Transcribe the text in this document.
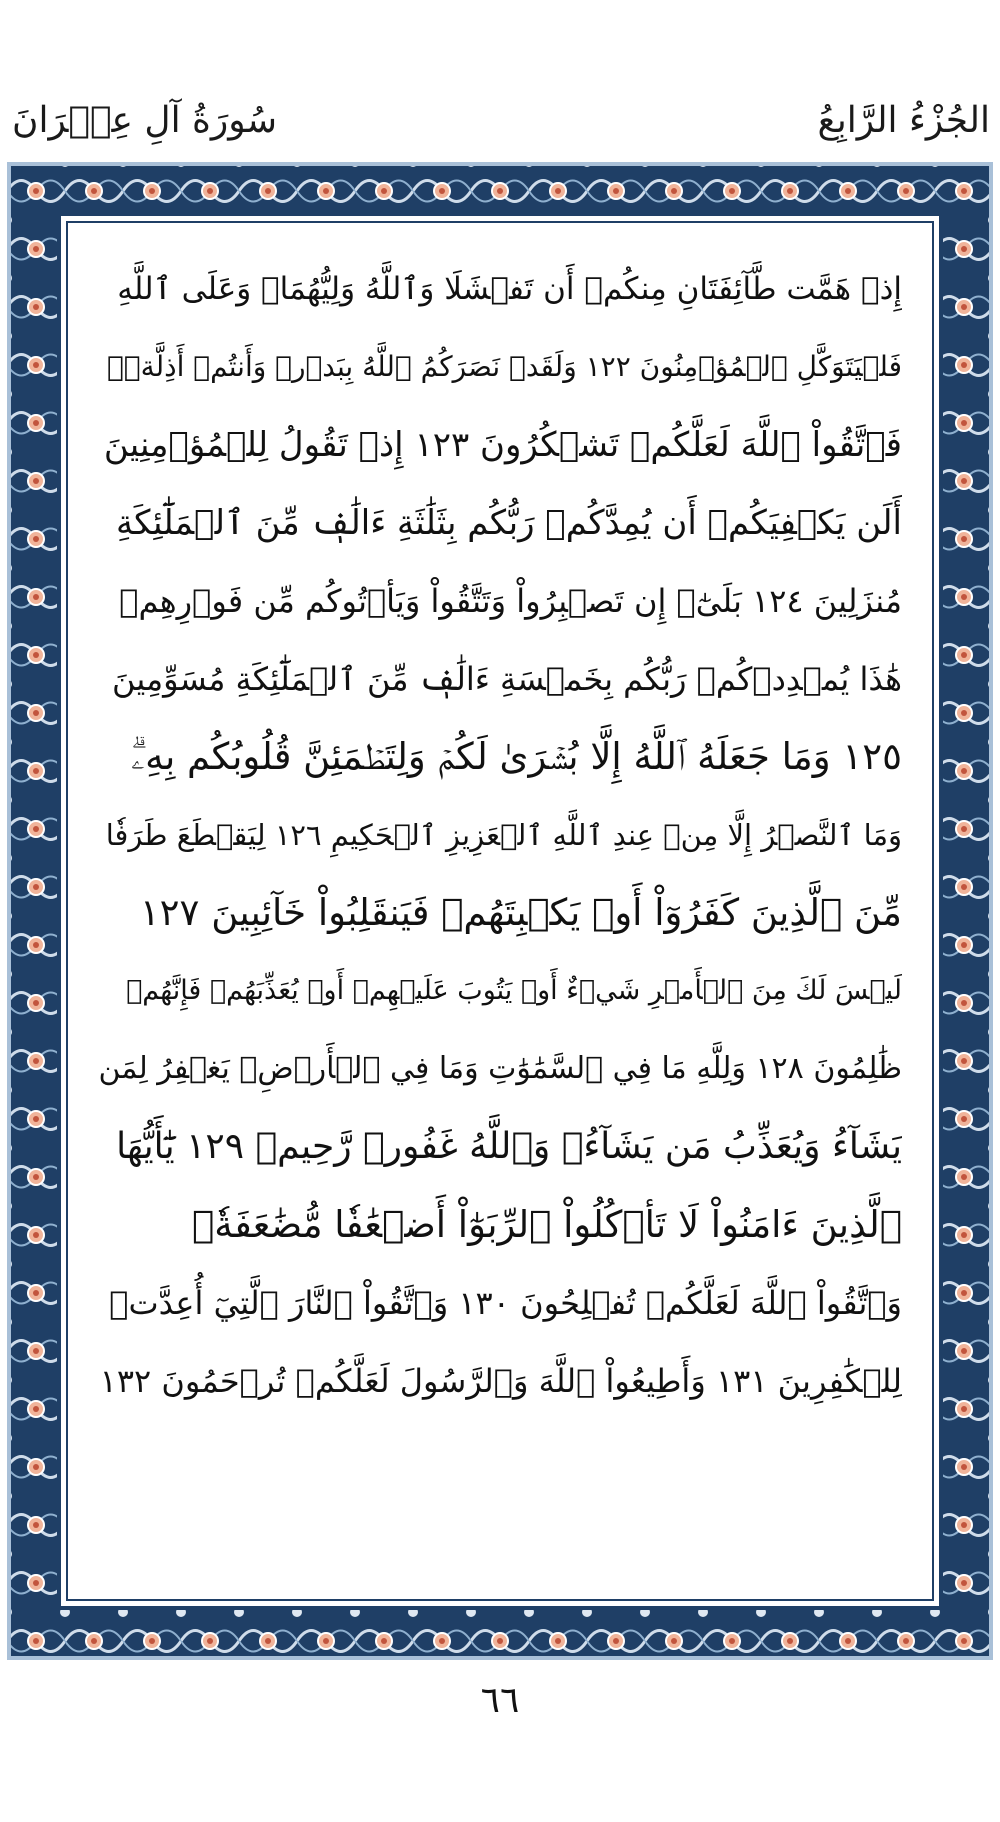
الجُزْءُ الرَّابِعُ
سُورَةُ آلِ عِمۡرَانَ
إِذۡ هَمَّت طَّآئِفَتَانِ مِنكُمۡ أَن تَفۡشَلَا وَٱللَّهُ وَلِيُّهُمَاۗ وَعَلَى ٱللَّهِ
فَلۡيَتَوَكَّلِ ٱلۡمُؤۡمِنُونَ ١٢٢ وَلَقَدۡ نَصَرَكُمُ ٱللَّهُ بِبَدۡرٖ وَأَنتُمۡ أَذِلَّةٞۖ
فَٱتَّقُواْ ٱللَّهَ لَعَلَّكُمۡ تَشۡكُرُونَ ١٢٣ إِذۡ تَقُولُ لِلۡمُؤۡمِنِينَ
أَلَن يَكۡفِيَكُمۡ أَن يُمِدَّكُمۡ رَبُّكُم بِثَلَٰثَةِ ءَالَٰفٖ مِّنَ ٱلۡمَلَٰٓئِكَةِ
مُنزَلِينَ ١٢٤ بَلَىٰٓۚ إِن تَصۡبِرُواْ وَتَتَّقُواْ وَيَأۡتُوكُم مِّن فَوۡرِهِمۡ
هَٰذَا يُمۡدِدۡكُمۡ رَبُّكُم بِخَمۡسَةِ ءَالَٰفٖ مِّنَ ٱلۡمَلَٰٓئِكَةِ مُسَوِّمِينَ
١٢٥ وَمَا جَعَلَهُ ٱللَّهُ إِلَّا بُشۡرَىٰ لَكُمۡ وَلِتَطۡمَئِنَّ قُلُوبُكُم بِهِۦۗ
وَمَا ٱلنَّصۡرُ إِلَّا مِنۡ عِندِ ٱللَّهِ ٱلۡعَزِيزِ ٱلۡحَكِيمِ ١٢٦ لِيَقۡطَعَ طَرَفٗا
مِّنَ ٱلَّذِينَ كَفَرُوٓاْ أَوۡ يَكۡبِتَهُمۡ فَيَنقَلِبُواْ خَآئِبِينَ ١٢٧
لَيۡسَ لَكَ مِنَ ٱلۡأَمۡرِ شَيۡءٌ أَوۡ يَتُوبَ عَلَيۡهِمۡ أَوۡ يُعَذِّبَهُمۡ فَإِنَّهُمۡ
ظَٰلِمُونَ ١٢٨ وَلِلَّهِ مَا فِي ٱلسَّمَٰوَٰتِ وَمَا فِي ٱلۡأَرۡضِۚ يَغۡفِرُ لِمَن
يَشَآءُ وَيُعَذِّبُ مَن يَشَآءُۚ وَٱللَّهُ غَفُورٞ رَّحِيمٞ ١٢٩ يَٰٓأَيُّهَا
ٱلَّذِينَ ءَامَنُواْ لَا تَأۡكُلُواْ ٱلرِّبَوٰٓاْ أَضۡعَٰفٗا مُّضَٰعَفَةٗۖ
وَٱتَّقُواْ ٱللَّهَ لَعَلَّكُمۡ تُفۡلِحُونَ ١٣٠ وَٱتَّقُواْ ٱلنَّارَ ٱلَّتِيٓ أُعِدَّتۡ
لِلۡكَٰفِرِينَ ١٣١ وَأَطِيعُواْ ٱللَّهَ وَٱلرَّسُولَ لَعَلَّكُمۡ تُرۡحَمُونَ ١٣٢
٦٦
